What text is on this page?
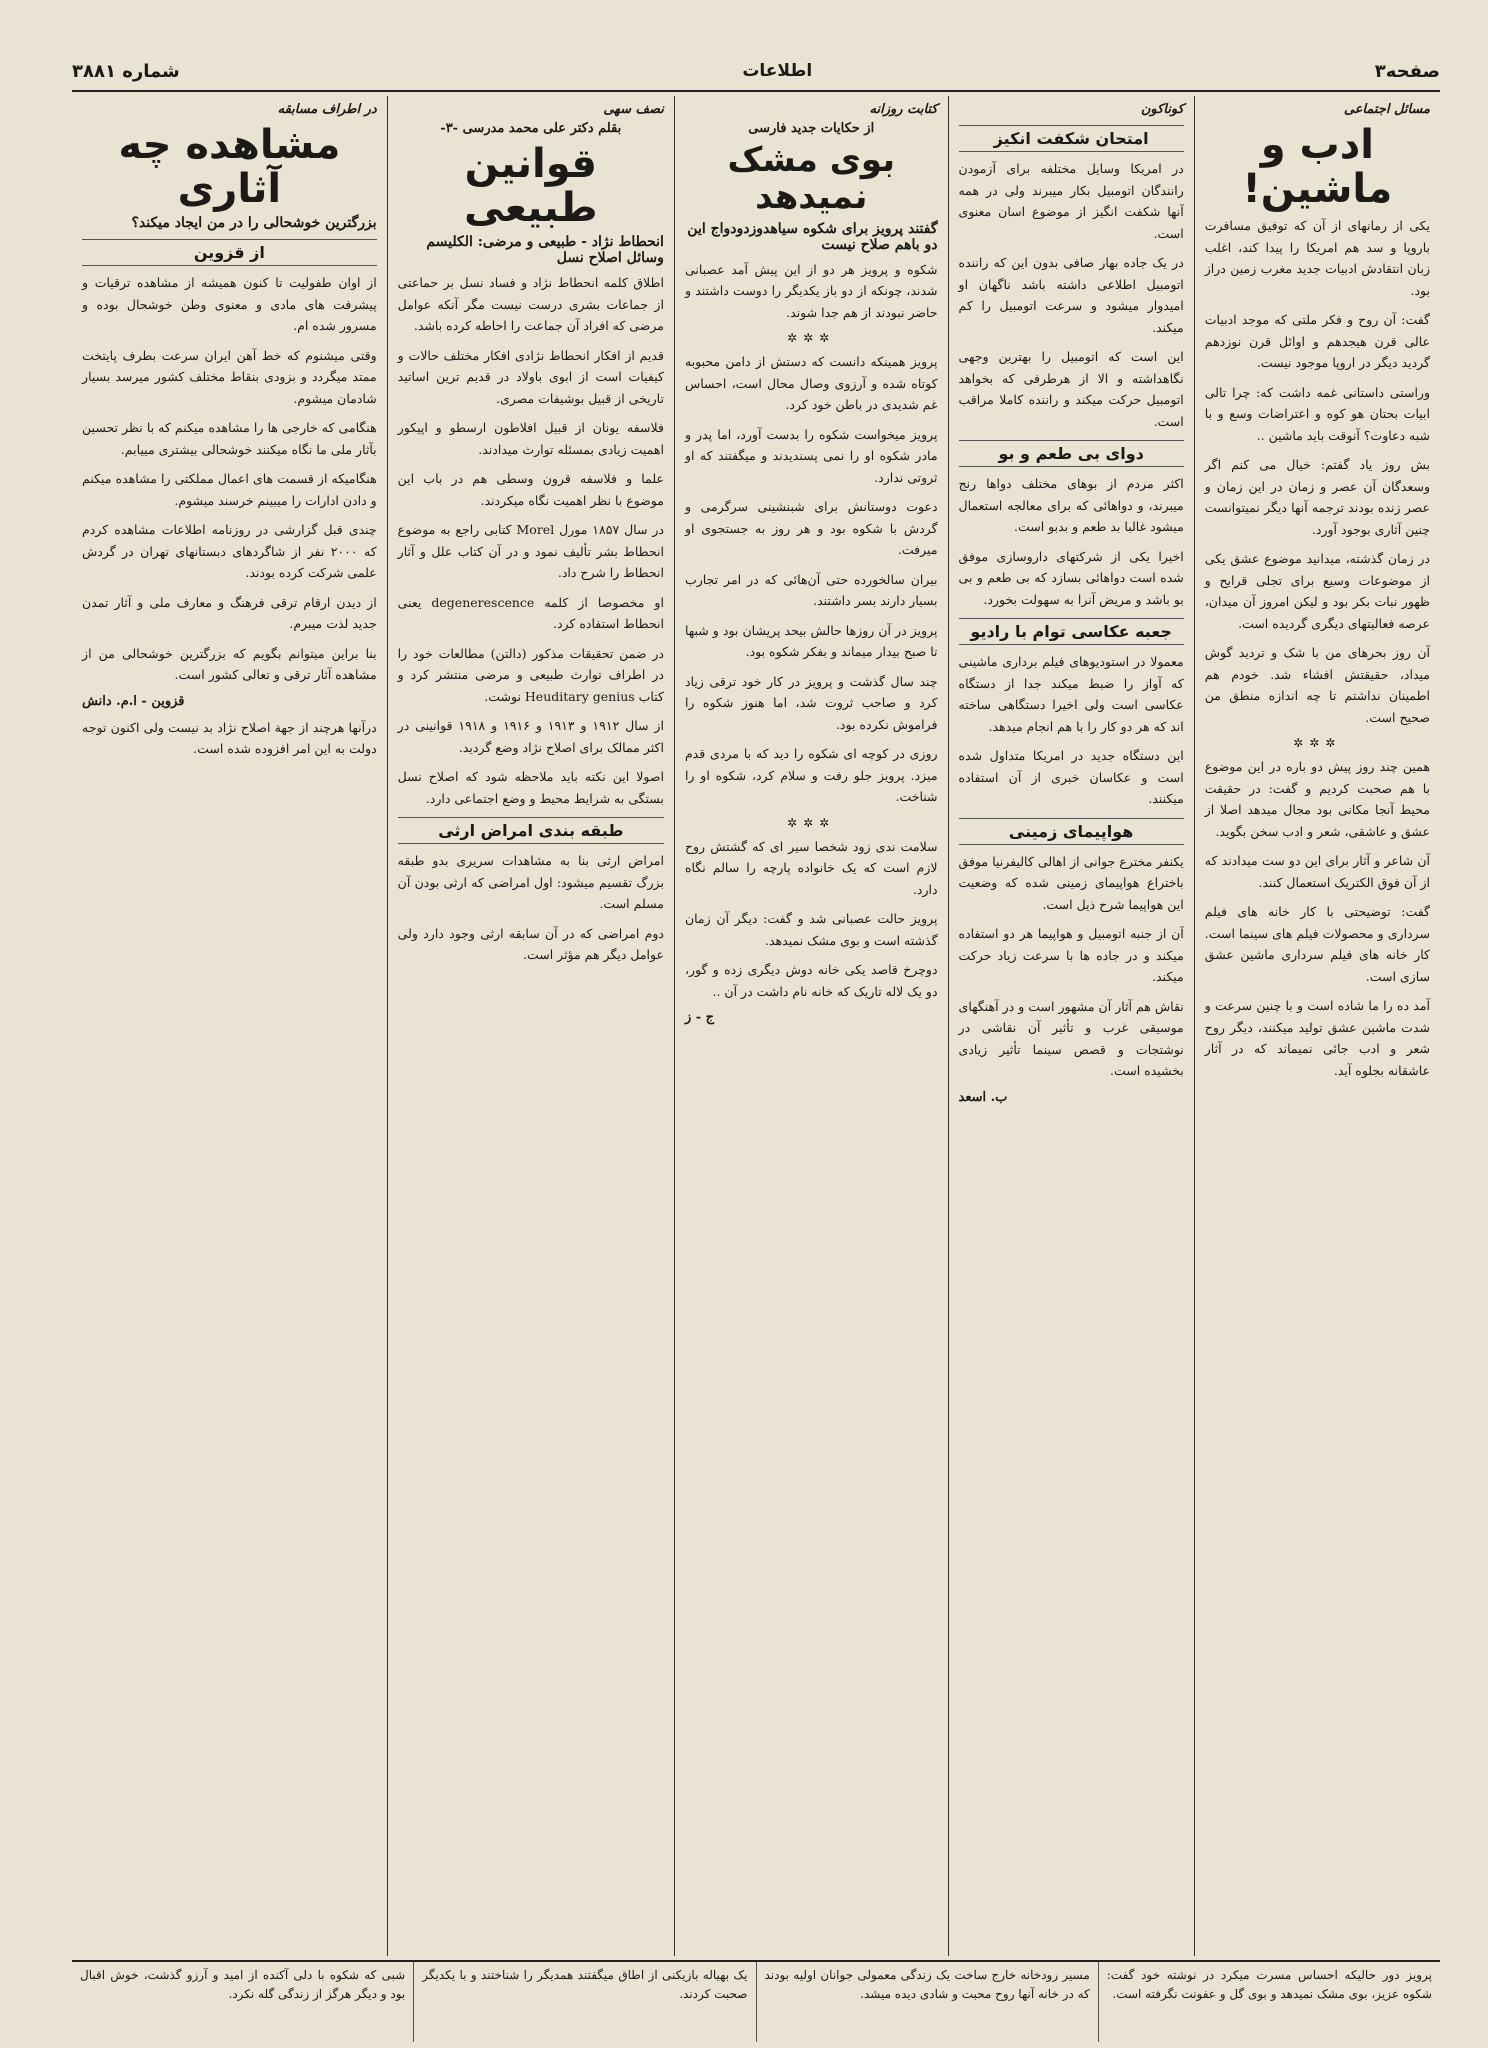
صفحه۳
اطلاعات
شماره ۳۸۸۱
مسائل اجتماعی
ادب و ماشین!

یکی از رمانهای از آن که توفیق مسافرت باروپا و سد هم امریکا را پیدا کند، اغلب زبان انتقادش ادبیات جدید مغرب زمین دراز بود.

گفت: آن روح و فکر ملتی که موجد ادبیات عالی قرن هیجدهم و اوائل قرن نوزدهم گردید دیگر در اروپا موجود نیست.

وراستی داستانی غمه داشت که: چرا تالی ابیات بحتان هو کوه و اعتراضات وسع و با شبه دعاوت؟ آنوقت باید ماشین ..

بش روز یاد گفتم: خیال می کنم اگر وسعدگان آن عصر و زمان در این زمان و عصر زنده بودند ترجمه آنها دیگر نمیتوانست چنین آثاری بوجود آورد.

در زمان گذشته، میدانید موضوع عشق یکی از موضوعات وسیع برای تجلی قرایح و ظهور نبات بکر بود و لیکن امروز آن میدان، عرصه فعالیتهای دیگری گردیده است.

آن روز بحرهای من با شک و تردید گوش میداد، حقیقتش افشاء شد. خودم هم اطمینان نداشتم تا چه اندازه منطق من صحیح است.

✲✲✲

همین چند روز پیش دو باره در این موضوع با هم صحبت کردیم و گفت: در حقیقت محیط آنجا مکانی بود مجال میدهد اصلا از عشق و عاشقی، شعر و ادب سخن بگوید.

آن شاعر و آثار برای این دو ست میدادند که از آن فوق الکتریک استعمال کنند.

گفت: توضیحتی با کار خانه های فیلم سرداری و محصولات فیلم های سینما است. کار خانه های فیلم سرداری ماشین عشق سازی است.

آمد ده را ما شاده است و با چنین سرعت و شدت ماشین عشق تولید میکنند، دیگر روح شعر و ادب جائی نمیماند که در آثار عاشقانه بجلوه آید.

کوناکون
امتحان شکفت انکیز

در امریکا وسایل مختلفه برای آزمودن رانندگان اتومبیل بکار میبرند ولی در همه آنها شکفت انگیز از موضوع اسان معنوی است.

در یک جاده بهار صافی بدون این که راننده اتومبیل اطلاعی داشته باشد ناگهان او امیدوار میشود و سرعت اتومبیل را کم میکند.

این است که اتومبیل را بهترین وجهی نگاهداشته و الا از هرطرفی که بخواهد اتومبیل حرکت میکند و راننده کاملا مراقب است.

دوای بی طعم و بو

اکثر مردم از بوهای مختلف دواها رنج میبرند، و دواهائی که برای معالجه استعمال میشود غالبا بد طعم و بدبو است.

اخیرا یکی از شرکتهای داروسازی موفق شده است دواهائی بسازد که بی طعم و بی بو باشد و مریض آنرا به سهولت بخورد.

جعبه عکاسی توام با رادیو

معمولا در استودیوهای فیلم برداری ماشینی که آواز را ضبط میکند جدا از دستگاه عکاسی است ولی اخیرا دستگاهی ساخته اند که هر دو کار را با هم انجام میدهد.

این دستگاه جدید در امریکا متداول شده است و عکاسان خبری از آن استفاده میکنند.

هواپیمای زمینی

یکنفر مخترع جوانی از اهالی کالیفرنیا موفق باختراع هواپیمای زمینی شده که وضعیت این هواپیما شرح ذیل است.

آن از جنبه اتومبیل و هواپیما هر دو استفاده میکند و در جاده ها با سرعت زیاد حرکت میکند.

نقاش هم آثار آن مشهور است و در آهنگهای موسیقی غرب و تأثیر آن نقاشی در نوشتجات و قصص سینما تأثیر زیادی بخشیده است.

ب. اسعد
کتابت روزانه
از حکایات جدید فارسی
بوی مشک نمیدهد
گفتند پرویز برای شکوه سیاهدوزدودواج این دو باهم صلاح نیست

شکوه و پرویز هر دو از این پیش آمد عصبانی شدند، چونکه از دو باز یکدیگر را دوست داشتند و حاضر نبودند از هم جدا شوند.

✲✲✲

پرویز همینکه دانست که دستش از دامن محبوبه کوتاه شده و آرزوی وصال محال است، احساس غم شدیدی در باطن خود کرد.

پرویز میخواست شکوه را بدست آورد، اما پدر و مادر شکوه او را نمی پسندیدند و میگفتند که او ثروتی ندارد.

دعوت دوستانش برای شبنشینی سرگرمی و گردش با شکوه بود و هر روز به جستجوی او میرفت.

بیران سالخورده حتی آن‌هائی که در امر تجارب بسیار دارند بسر داشتند.

پرویز در آن روزها حالش بیحد پریشان بود و شبها تا صبح بیدار میماند و بفکر شکوه بود.

چند سال گذشت و پرویز در کار خود ترقی زیاد کرد و صاحب ثروت شد، اما هنوز شکوه را فراموش نکرده بود.

روزی در کوچه ای شکوه را دید که با مردی قدم میزد. پرویز جلو رفت و سلام کرد، شکوه او را شناخت.

✲✲✲

سلامت ندی زود شخصا سیر ای که گشتش روح لازم است که یک خانواده پارچه را سالم نگاه دارد.

پرویز حالت عصبانی شد و گفت: دیگر آن زمان گذشته است و بوی مشک نمیدهد.

دوچرخ قاصد یکی خانه دوش دیگری زده و گور، دو یک لاله تاریک که خانه نام داشت در آن ..

ج - ز
نصف سهی
بقلم دکتر علی محمد مدرسی -۳-
قوانین طبیعی
انحطاط نژاد - طبیعی و مرضی: الکلیسم وسائل اصلاح نسل

اطلاق کلمه انحطاط نژاد و فساد نسل بر حماعتی از جماعات بشری درست نیست مگر آنکه عوامل مرضی که افراد آن جماعت را احاطه کرده باشد.

قدیم از افکار انحطاط نژادی افکار مختلف حالات و کیفیات است از ابوی باولاد در قدیم ترین اساتید تاریخی از قبیل بوشیفات مصری.

فلاسفه یونان از قبیل افلاطون ارسطو و اپیکور اهمیت زیادی بمسئله توارث میدادند.

علما و فلاسفه قرون وسطی هم در باب این موضوع با نظر اهمیت نگاه میکردند.

در سال ۱۸۵۷ مورل Morel کتابی راجع به موضوع انحطاط بشر تألیف نمود و در آن کتاب علل و آثار انحطاط را شرح داد.

او مخصوصا از کلمه degenerescence یعنی انحطاط استفاده کرد.

در ضمن تحقیقات مذکور (دالتن) مطالعات خود را در اطراف توارث طبیعی و مرضی منتشر کرد و کتاب Heuditary genius نوشت.

از سال ۱۹۱۲ و ۱۹۱۳ و ۱۹۱۶ و ۱۹۱۸ قوانینی در اکثر ممالک برای اصلاح نژاد وضع گردید.

اصولا این نکته باید ملاحظه شود که اصلاح نسل بستگی به شرایط محیط و وضع اجتماعی دارد.

طبقه بندی امراض ارثی

امراض ارثی بنا به مشاهدات سریری بدو طبقه بزرگ تقسیم میشود: اول امراضی که ارثی بودن آن مسلم است.

دوم امراضی که در آن سابقه ارثی وجود دارد ولی عوامل دیگر هم مؤثر است.

در اطراف مسابقه
مشاهده چه آثاری
بزرگترین خوشحالی را در من ایجاد میکند؟
از قزوین

از اوان طفولیت تا کنون همیشه از مشاهده ترقیات و پیشرفت های مادی و معنوی وطن خوشحال بوده و مسرور شده ام.

وقتی میشنوم که خط آهن ایران سرعت بطرف پایتخت ممتد میگردد و بزودی بنقاط مختلف کشور میرسد بسیار شادمان میشوم.

هنگامی که خارجی ها را مشاهده میکنم که با نظر تحسین بآثار ملی ما نگاه میکنند خوشحالی بیشتری مییابم.

هنگامیکه از قسمت های اعمال مملکتی را مشاهده میکنم و دادن ادارات را میبینم خرسند میشوم.

چندی قبل گزارشی در روزنامه اطلاعات مشاهده کردم که ۲۰۰۰ نفر از شاگردهای دبستانهای تهران در گردش علمی شرکت کرده بودند.

از دیدن ارقام ترقی فرهنگ و معارف ملی و آثار تمدن جدید لذت میبرم.

بنا براین میتوانم بگویم که بزرگترین خوشحالی من از مشاهده آثار ترقی و تعالی کشور است.

قزوین - ا.م. دانش

درآنها هرچند از جهة اصلاح نژاد بد نیست ولی اکنون توجه دولت به این امر افزوده شده است.

پرویز دور حالیکه احساس مسرت میکرد در نوشته خود گفت: شکوه عزیز، بوی مشک نمیدهد و بوی گل و عفونت نگرفته است.
مسیر رودخانه خارج ساخت یک زندگی معمولی جوانان اولیه بودند که در خانه آنها روح محبت و شادی دیده میشد.
یک بهیاله بازیکنی از اطاق میگفتند همدیگر را شناختند و با یکدیگر صحبت کردند.
شبی که شکوه با دلی آکنده از امید و آرزو گذشت، خوش اقبال بود و دیگر هرگز از زندگی گله نکرد.
